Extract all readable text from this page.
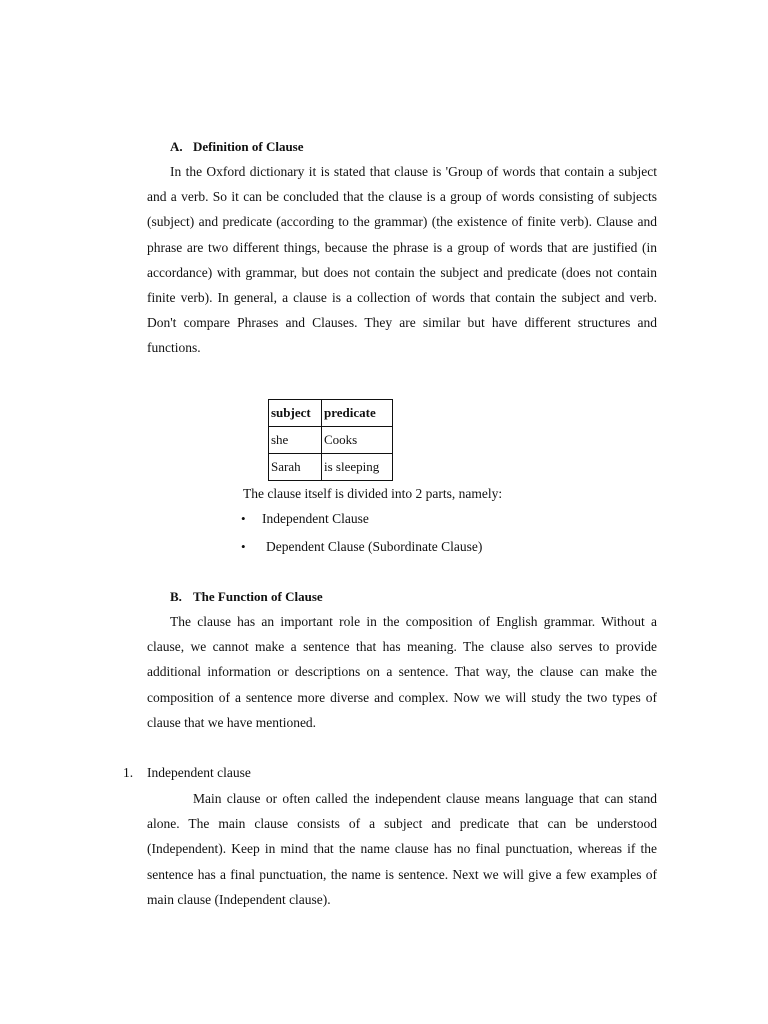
A. Definition of Clause

In the Oxford dictionary it is stated that clause is 'Group of words that contain a subject and a verb. So it can be concluded that the clause is a group of words consisting of subjects (subject) and predicate (according to the grammar) (the existence of finite verb). Clause and phrase are two different things, because the phrase is a group of words that are justified (in accordance) with grammar, but does not contain the subject and predicate (does not contain finite verb). In general, a clause is a collection of words that contain the subject and verb. Don't compare Phrases and Clauses. They are similar but have different structures and functions.

subject	predicate
she	Cooks
Sarah	is sleeping
The clause itself is divided into 2 parts, namely:
• Independent Clause
• Dependent Clause (Subordinate Clause)
B. The Function of Clause

The clause has an important role in the composition of English grammar. Without a clause, we cannot make a sentence that has meaning. The clause also serves to provide additional information or descriptions on a sentence. That way, the clause can make the composition of a sentence more diverse and complex. Now we will study the two types of clause that we have mentioned.

1. Independent clause

Main clause or often called the independent clause means language that can stand alone. The main clause consists of a subject and predicate that can be understood (Independent). Keep in mind that the name clause has no final punctuation, whereas if the sentence has a final punctuation, the name is sentence. Next we will give a few examples of main clause (Independent clause).
